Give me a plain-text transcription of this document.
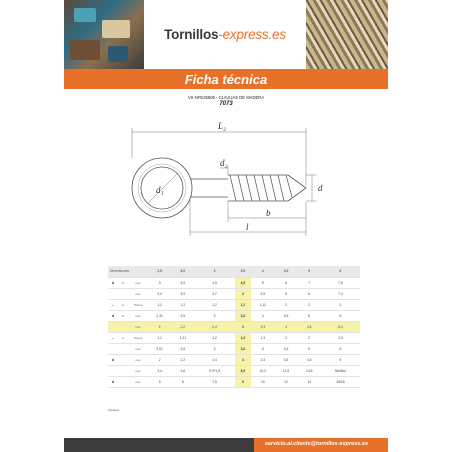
Tornillos-express.es
Ficha técnica
VS-NFE25609 - CLAVIJAS DE MADERA
7073
L₂
d₁
d₂
d
b
l
Dimensiones			2,5	3,0	3	3,5	4	4,5	5	6
d	1	nom	3	3,5	4,5	4,5	5	6	7	7,5
		nom	3,4	3,9	3,7	4	4,5	5	6	7,4
–	1	T0ums	1,1	1,2	1,2	1,2	1,11	2	2	2
d	2	nom	2,31	2,5	3	3,3	4	4,5	5	6
		nom	2	2,2	2,4	3	3,3	4	4,5	5,4
–	1	T0ums	1,1	1,21	1,2	1,3	1,3	2	2	2,5
		nom	2,01	2,5	3	3,3	4	4,5	5	6
d		nom	2	2,2	2,4	3	3,3	3,5	4,5	5
		nom	3,4	3,6	C+P1,5	6,5	10,2	12,5	14,6	Nul/Nul
d		nom	5	6	7,5	9	10	12	14	16/18
Medidas
servicio.al.cliente@tornillos-express.es
